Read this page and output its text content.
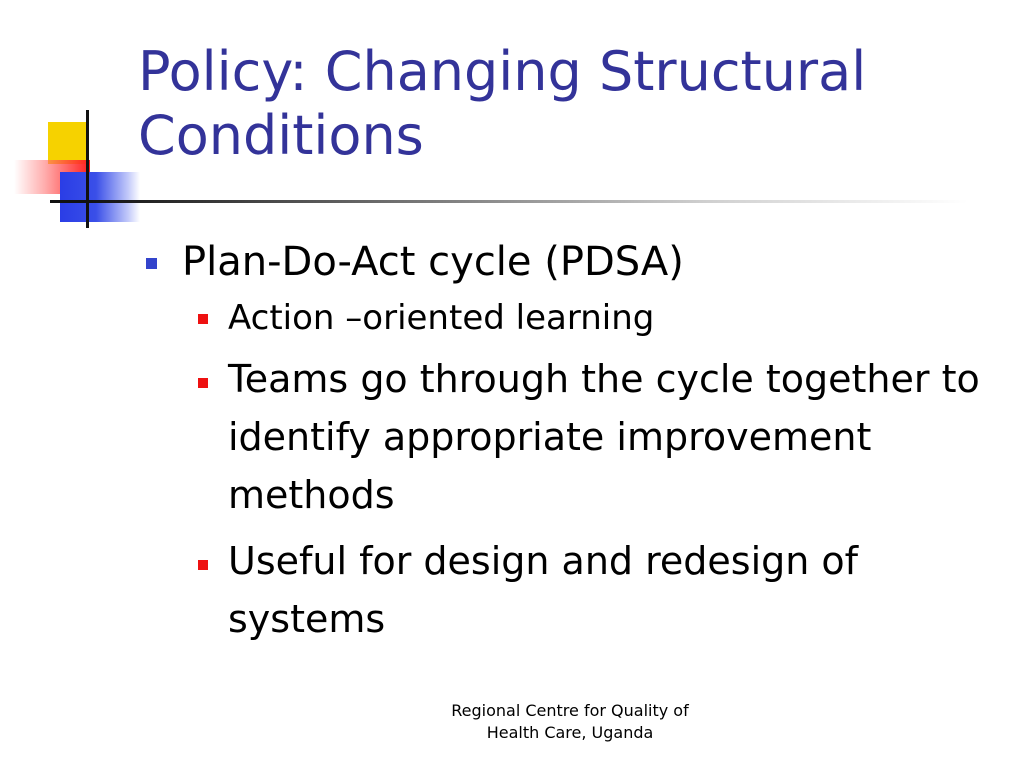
Policy: Changing Structural Conditions
Plan-Do-Act cycle (PDSA)
Action –oriented learning
Teams go through the cycle together to identify appropriate improvement methods
Useful for design and redesign of systems
Regional Centre for Quality of
Health Care, Uganda
